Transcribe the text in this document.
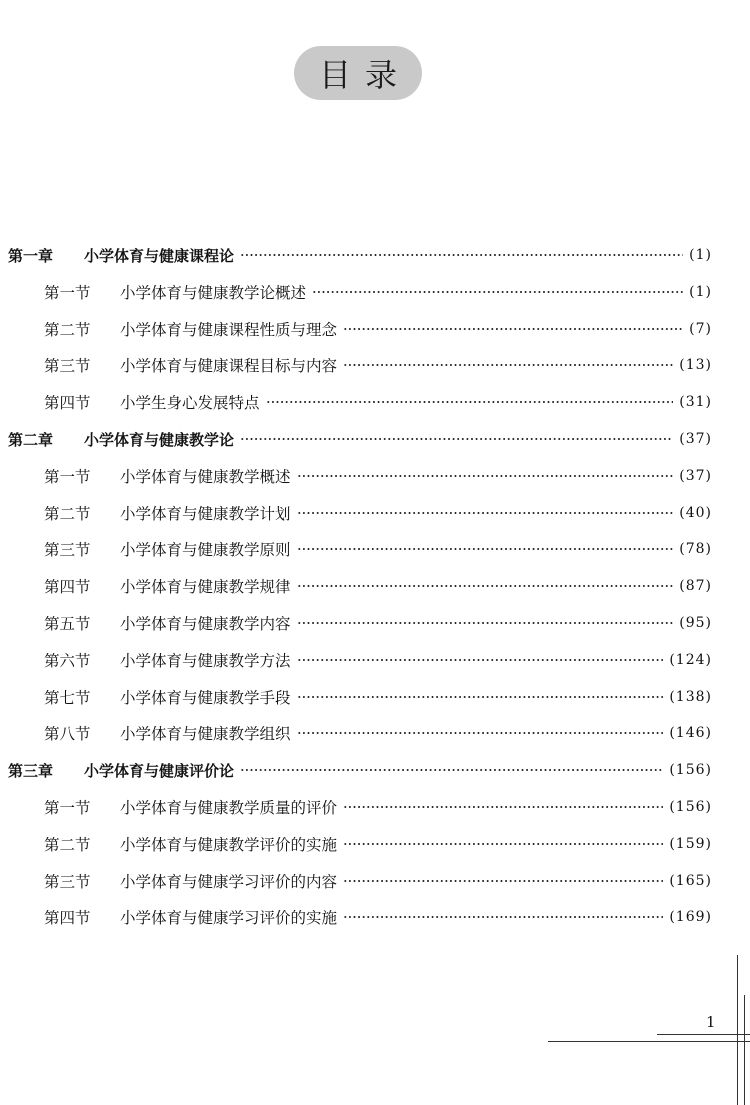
目录
第一章	小学体育与健康课程论	(1)
第一节	小学体育与健康教学论概述	(1)
第二节	小学体育与健康课程性质与理念	(7)
第三节	小学体育与健康课程目标与内容	(13)
第四节	小学生身心发展特点	(31)
第二章	小学体育与健康教学论	(37)
第一节	小学体育与健康教学概述	(37)
第二节	小学体育与健康教学计划	(40)
第三节	小学体育与健康教学原则	(78)
第四节	小学体育与健康教学规律	(87)
第五节	小学体育与健康教学内容	(95)
第六节	小学体育与健康教学方法	(124)
第七节	小学体育与健康教学手段	(138)
第八节	小学体育与健康教学组织	(146)
第三章	小学体育与健康评价论	(156)
第一节	小学体育与健康教学质量的评价	(156)
第二节	小学体育与健康教学评价的实施	(159)
第三节	小学体育与健康学习评价的内容	(165)
第四节	小学体育与健康学习评价的实施	(169)
1
